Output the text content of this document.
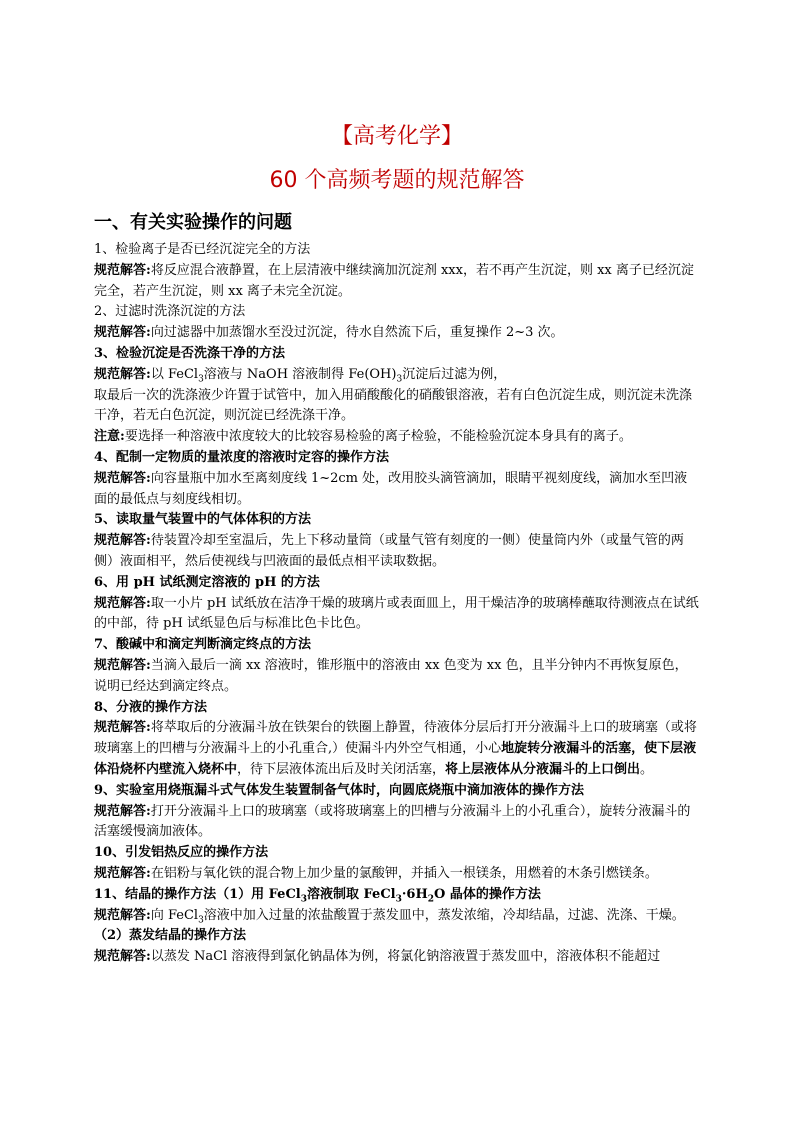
【高考化学】
60 个高频考题的规范解答
一、有关实验操作的问题

1、检验离子是否已经沉淀完全的方法

规范解答:将反应混合液静置，在上层清液中继续滴加沉淀剂 xxx，若不再产生沉淀，则 xx 离子已经沉淀完全，若产生沉淀，则 xx 离子未完全沉淀。

2、过滤时洗涤沉淀的方法

规范解答:向过滤器中加蒸馏水至没过沉淀，待水自然流下后，重复操作 2~3 次。

3、检验沉淀是否洗涤干净的方法

规范解答:以 FeCl$_3$溶液与 NaOH 溶液制得 $Fe(OH)_3$沉淀后过滤为例，

取最后一次的洗涤液少许置于试管中，加入用硝酸酸化的硝酸银溶液，若有白色沉淀生成，则沉淀未洗涤干净，若无白色沉淀，则沉淀已经洗涤干净。

注意:要选择一种溶液中浓度较大的比较容易检验的离子检验，不能检验沉淀本身具有的离子。

4、配制一定物质的量浓度的溶液时定容的操作方法

规范解答:向容量瓶中加水至离刻度线 1~2cm 处，改用胶头滴管滴加，眼睛平视刻度线，滴加水至凹液面的最低点与刻度线相切。

5、读取量气装置中的气体体积的方法

规范解答:待装置冷却至室温后，先上下移动量筒（或量气管有刻度的一侧）使量筒内外（或量气管的两侧）液面相平，然后使视线与凹液面的最低点相平读取数据。

6、用 pH 试纸测定溶液的 pH 的方法

规范解答:取一小片 pH 试纸放在洁净干燥的玻璃片或表面皿上，用干燥洁净的玻璃棒蘸取待测液点在试纸的中部，待 pH 试纸显色后与标准比色卡比色。

7、酸碱中和滴定判断滴定终点的方法

规范解答:当滴入最后一滴 xx 溶液时，锥形瓶中的溶液由 xx 色变为 xx 色，且半分钟内不再恢复原色，说明已经达到滴定终点。

8、分液的操作方法

规范解答:将萃取后的分液漏斗放在铁架台的铁圈上静置，待液体分层后打开分液漏斗上口的玻璃塞（或将玻璃塞上的凹槽与分液漏斗上的小孔重合,）使漏斗内外空气相通，小心地旋转分液漏斗的活塞，使下层液体沿烧杯内壁流入烧杯中，待下层液体流出后及时关闭活塞，将上层液体从分液漏斗的上口倒出。

9、实验室用烧瓶漏斗式气体发生装置制备气体时，向圆底烧瓶中滴加液体的操作方法

规范解答:打开分液漏斗上口的玻璃塞（或将玻璃塞上的凹槽与分液漏斗上的小孔重合），旋转分液漏斗的活塞缓慢滴加液体。

10、引发铝热反应的操作方法

规范解答:在铝粉与氧化铁的混合物上加少量的氯酸钾，并插入一根镁条，用燃着的木条引燃镁条。

11、结晶的操作方法（1）用 FeCl$_3$溶液制取 $FeCl_3\cdot 6H_2O$ 晶体的操作方法

规范解答:向 FeCl$_3$溶液中加入过量的浓盐酸置于蒸发皿中，蒸发浓缩，冷却结晶，过滤、洗涤、干燥。

（2）蒸发结晶的操作方法

规范解答:以蒸发 NaCl 溶液得到氯化钠晶体为例，将氯化钠溶液置于蒸发皿中，溶液体积不能超过
